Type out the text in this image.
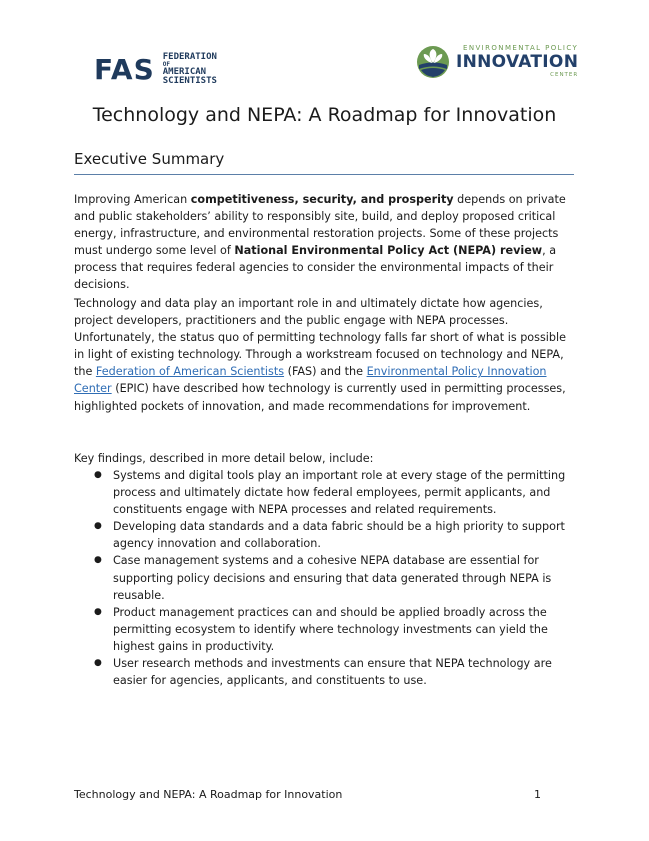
FAS FEDERATION
OF
AMERICAN
SCIENTISTS
ENVIRONMENTAL POLICY
INNOVATION
CENTER
Technology and NEPA: A Roadmap for Innovation
Executive Summary

Improving American competitiveness, security, and prosperity depends on private and public stakeholders’ ability to responsibly site, build, and deploy proposed critical energy, infrastructure, and environmental restoration projects. Some of these projects must undergo some level of National Environmental Policy Act (NEPA) review, a process that requires federal agencies to consider the environmental impacts of their decisions.

Technology and data play an important role in and ultimately dictate how agencies, project developers, practitioners and the public engage with NEPA processes. Unfortunately, the status quo of permitting technology falls far short of what is possible in light of existing technology. Through a workstream focused on technology and NEPA, the Federation of American Scientists (FAS) and the Environmental Policy Innovation Center (EPIC) have described how technology is currently used in permitting processes, highlighted pockets of innovation, and made recommendations for improvement.

Key findings, described in more detail below, include:

● Systems and digital tools play an important role at every stage of the permitting process and ultimately dictate how federal employees, permit applicants, and constituents engage with NEPA processes and related requirements.
● Developing data standards and a data fabric should be a high priority to support agency innovation and collaboration.
● Case management systems and a cohesive NEPA database are essential for supporting policy decisions and ensuring that data generated through NEPA is reusable.
● Product management practices can and should be applied broadly across the permitting ecosystem to identify where technology investments can yield the highest gains in productivity.
● User research methods and investments can ensure that NEPA technology are easier for agencies, applicants, and constituents to use.
Technology and NEPA: A Roadmap for Innovation	1
